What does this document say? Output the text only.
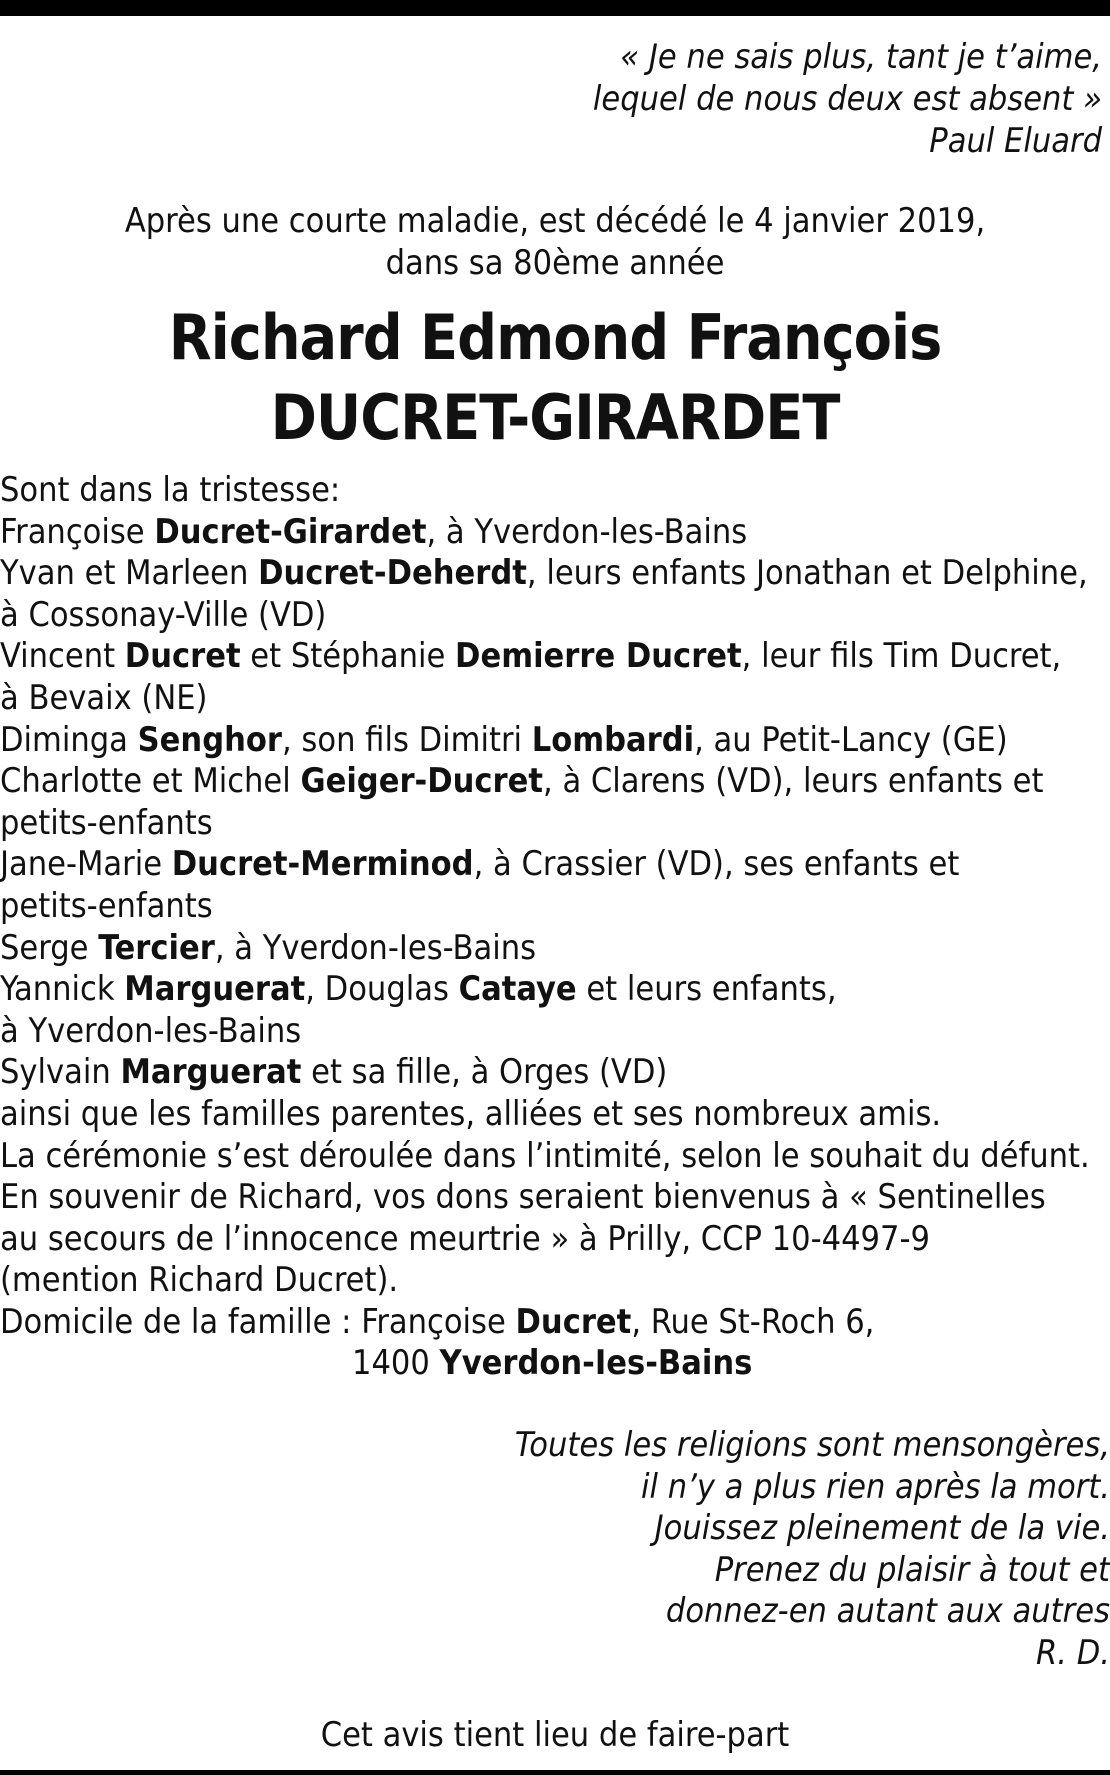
« Je ne sais plus, tant je t’aime,
lequel de nous deux est absent »
Paul Eluard
Après une courte maladie, est décédé le 4 janvier 2019,
dans sa 80ème année
Richard Edmond François
DUCRET-GIRARDET
Sont dans la tristesse:
Françoise Ducret-Girardet, à Yverdon-les-Bains
Yvan et Marleen Ducret-Deherdt, leurs enfants Jonathan et Delphine,
à Cossonay-Ville (VD)
Vincent Ducret et Stéphanie Demierre Ducret, leur fils Tim Ducret,
à Bevaix (NE)
Diminga Senghor, son fils Dimitri Lombardi, au Petit-Lancy (GE)
Charlotte et Michel Geiger-Ducret, à Clarens (VD), leurs enfants et
petits-enfants
Jane-Marie Ducret-Merminod, à Crassier (VD), ses enfants et
petits-enfants
Serge Tercier, à Yverdon-Ies-Bains
Yannick Marguerat, Douglas Cataye et leurs enfants,
à Yverdon-les-Bains
Sylvain Marguerat et sa fille, à Orges (VD)
ainsi que les familles parentes, alliées et ses nombreux amis.
La cérémonie s’est déroulée dans l’intimité, selon le souhait du défunt.
En souvenir de Richard, vos dons seraient bienvenus à « Sentinelles
au secours de l’innocence meurtrie » à Prilly, CCP 10-4497-9
(mention Richard Ducret).
Domicile de la famille : Françoise Ducret, Rue St-Roch 6,
1400 Yverdon-Ies-Bains
Toutes les religions sont mensongères,
il n’y a plus rien après la mort.
Jouissez pleinement de la vie.
Prenez du plaisir à tout et
donnez-en autant aux autres
R. D.
Cet avis tient lieu de faire-part
